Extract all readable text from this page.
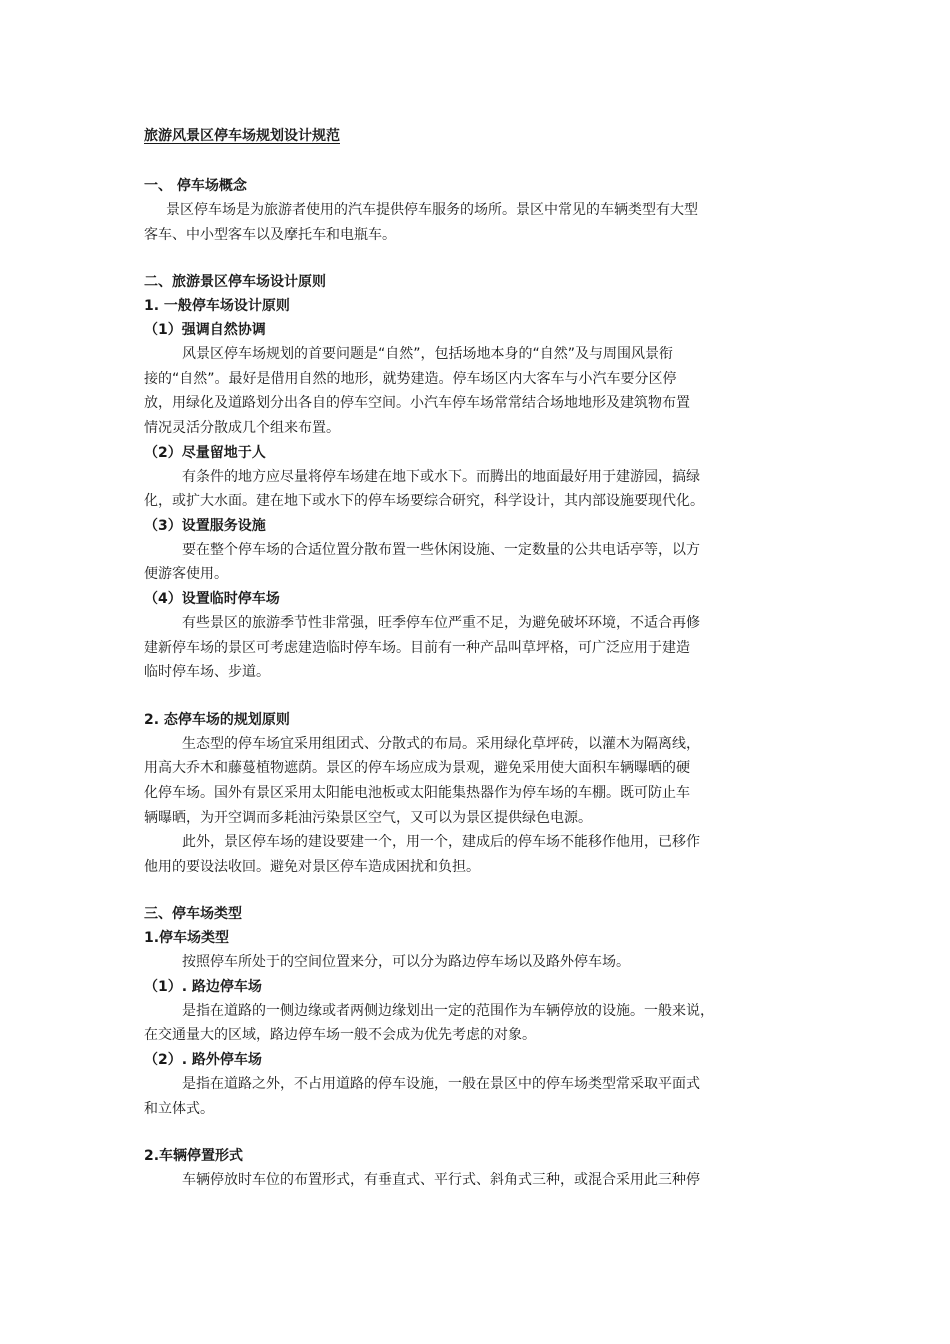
旅游风景区停车场规划设计规范
一、 停车场概念
景区停车场是为旅游者使用的汽车提供停车服务的场所。景区中常见的车辆类型有大型
客车、中小型客车以及摩托车和电瓶车。
二、旅游景区停车场设计原则
1. 一般停车场设计原则
（1）强调自然协调
风景区停车场规划的首要问题是“自然”，包括场地本身的“自然”及与周围风景衔
接的“自然”。最好是借用自然的地形，就势建造。停车场区内大客车与小汽车要分区停
放，用绿化及道路划分出各自的停车空间。小汽车停车场常常结合场地地形及建筑物布置
情况灵活分散成几个组来布置。
（2）尽量留地于人
有条件的地方应尽量将停车场建在地下或水下。而腾出的地面最好用于建游园，搞绿
化，或扩大水面。建在地下或水下的停车场要综合研究，科学设计，其内部设施要现代化。
（3）设置服务设施
要在整个停车场的合适位置分散布置一些休闲设施、一定数量的公共电话亭等，以方
便游客使用。
（4）设置临时停车场
有些景区的旅游季节性非常强，旺季停车位严重不足，为避免破坏环境，不适合再修
建新停车场的景区可考虑建造临时停车场。目前有一种产品叫草坪格，可广泛应用于建造
临时停车场、步道。
2. 态停车场的规划原则
生态型的停车场宜采用组团式、分散式的布局。采用绿化草坪砖，以灌木为隔离线，
用高大乔木和藤蔓植物遮荫。景区的停车场应成为景观，避免采用使大面积车辆曝晒的硬
化停车场。国外有景区采用太阳能电池板或太阳能集热器作为停车场的车棚。既可防止车
辆曝晒，为开空调而多耗油污染景区空气，又可以为景区提供绿色电源。
此外，景区停车场的建设要建一个，用一个，建成后的停车场不能移作他用，已移作
他用的要设法收回。避免对景区停车造成困扰和负担。
三、停车场类型
1.停车场类型
按照停车所处于的空间位置来分，可以分为路边停车场以及路外停车场。
（1）. 路边停车场
是指在道路的一侧边缘或者两侧边缘划出一定的范围作为车辆停放的设施。一般来说，
在交通量大的区域，路边停车场一般不会成为优先考虑的对象。
（2）. 路外停车场
是指在道路之外，不占用道路的停车设施，一般在景区中的停车场类型常采取平面式
和立体式。
2.车辆停置形式
车辆停放时车位的布置形式，有垂直式、平行式、斜角式三种，或混合采用此三种停
